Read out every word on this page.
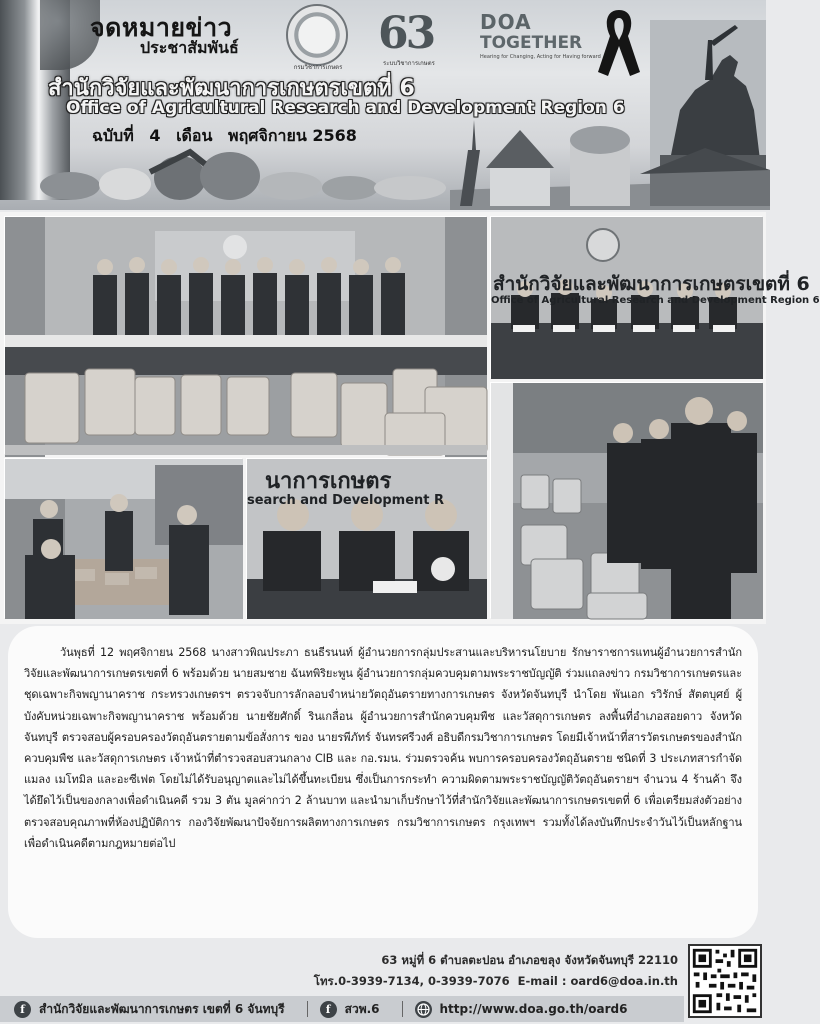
จดหมายข่าว
ประชาสัมพันธ์
กรมวิชาการเกษตร
63
ระบบวิชาการเกษตร
DOA
TOGETHER
Hearing for Changing, Acting for Having forward
สำนักวิจัยและพัฒนาการเกษตรเขตที่ 6
Office of Agricultural Research and Development Region 6
ฉบับที่ 4 เดือน พฤศจิกายน 2568
สำนักวิจัยและพัฒนาการเกษตรเขตที่ 6
Office of Agricultural Research and Development Region 6
นาการเกษตร
search and Development R

วันพุธที่ 12 พฤศจิกายน 2568 นางสาวพิณประภา ธนธีรนนท์ ผู้อำนวยการกลุ่มประสานและบริหารนโยบาย รักษาราชการแทนผู้อำนวยการสำนักวิจัยและพัฒนาการเกษตรเขตที่ 6 พร้อมด้วย นายสมชาย ฉันทพิริยะพูน ผู้อำนวยการกลุ่มควบคุมตามพระราชบัญญัติ ร่วมแถลงข่าว กรมวิชาการเกษตรและชุดเฉพาะกิจพญานาคราช กระทรวงเกษตรฯ ตรวจจับการลักลอบจำหน่ายวัตถุอันตรายทางการเกษตร จังหวัดจันทบุรี นำโดย พันเอก รวิรักษ์ สัตตบุศย์ ผู้บังคับหน่วยเฉพาะกิจพญานาคราช พร้อมด้วย นายชัยศักดิ์ รินเกลื่อน ผู้อำนวยการสำนักควบคุมพืช และวัสดุการเกษตร ลงพื้นที่อำเภอสอยดาว จังหวัดจันทบุรี ตรวจสอบผู้ครอบครองวัตถุอันตรายตามข้อสั่งการ ของ นายรพีภัทร์ จันทรศรีวงศ์ อธิบดีกรมวิชาการเกษตร โดยมีเจ้าหน้าที่สารวัตรเกษตรของสำนักควบคุมพืช และวัสดุการเกษตร เจ้าหน้าที่ตำรวจสอบสวนกลาง CIB และ กอ.รมน. ร่วมตรวจค้น พบการครอบครองวัตถุอันตราย ชนิดที่ 3 ประเภทสารกำจัดแมลง เมโทมิล และอะซีเฟต โดยไม่ได้รับอนุญาตและไม่ได้ขึ้นทะเบียน ซึ่งเป็นการกระทำ ความผิดตามพระราชบัญญัติวัตถุอันตรายฯ จำนวน 4 ร้านค้า จึงได้ยึดไว้เป็นของกลางเพื่อดำเนินคดี รวม 3 ตัน มูลค่ากว่า 2 ล้านบาท และนำมาเก็บรักษาไว้ที่สำนักวิจัยและพัฒนาการเกษตรเขตที่ 6 เพื่อเตรียมส่งตัวอย่าง ตรวจสอบคุณภาพที่ห้องปฏิบัติการ กองวิจัยพัฒนาปัจจัยการผลิตทางการเกษตร กรมวิชาการเกษตร กรุงเทพฯ รวมทั้งได้ลงบันทึกประจำวันไว้เป็นหลักฐาน เพื่อดำเนินคดีตามกฎหมายต่อไป

63 หมู่ที่ 6 ตำบลตะปอน อำเภอขลุง จังหวัดจันทบุรี 22110
โทร.0-3939-7134, 0-3939-7076 E-mail : oard6@doa.in.th
f	สำนักวิจัยและพัฒนาการเกษตร เขตที่ 6 จันทบุรี	f	สวพ.6	http://www.doa.go.th/oard6
